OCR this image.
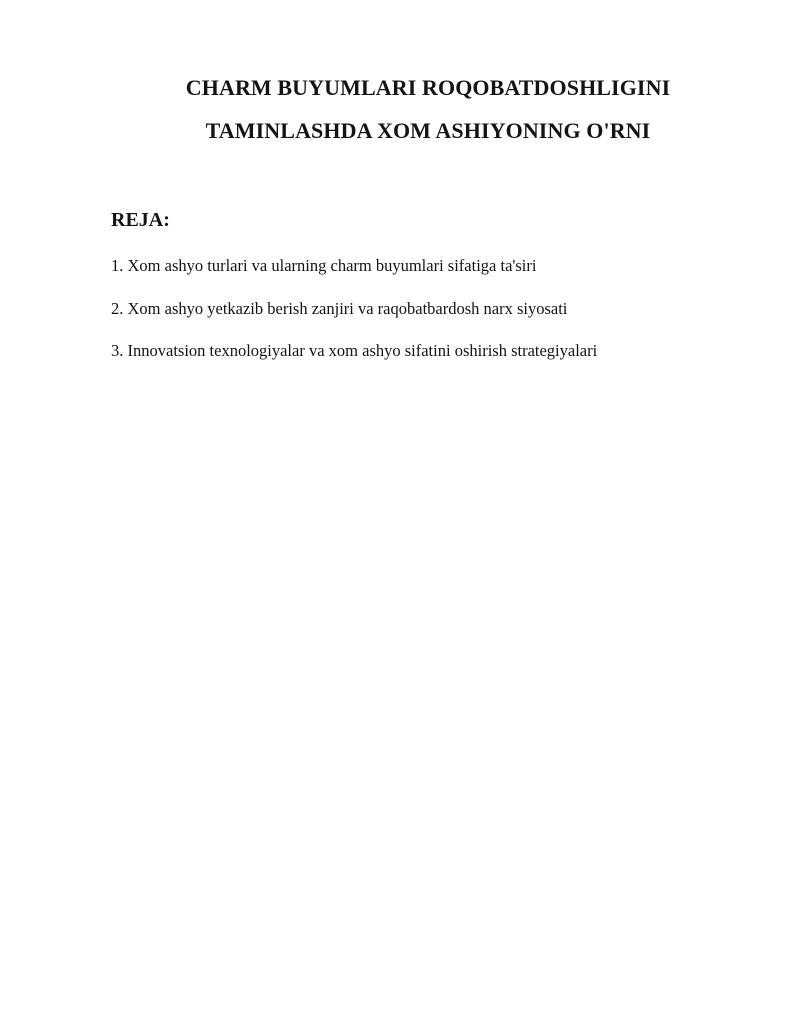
CHARM BUYUMLARI ROQOBATDOSHLIGINI
TAMINLASHDA XOM ASHIYONING O'RNI
REJA:
1. Xom ashyo turlari va ularning charm buyumlari sifatiga ta'siri
2. Xom ashyo yetkazib berish zanjiri va raqobatbardosh narx siyosati
3. Innovatsion texnologiyalar va xom ashyo sifatini oshirish strategiyalari
